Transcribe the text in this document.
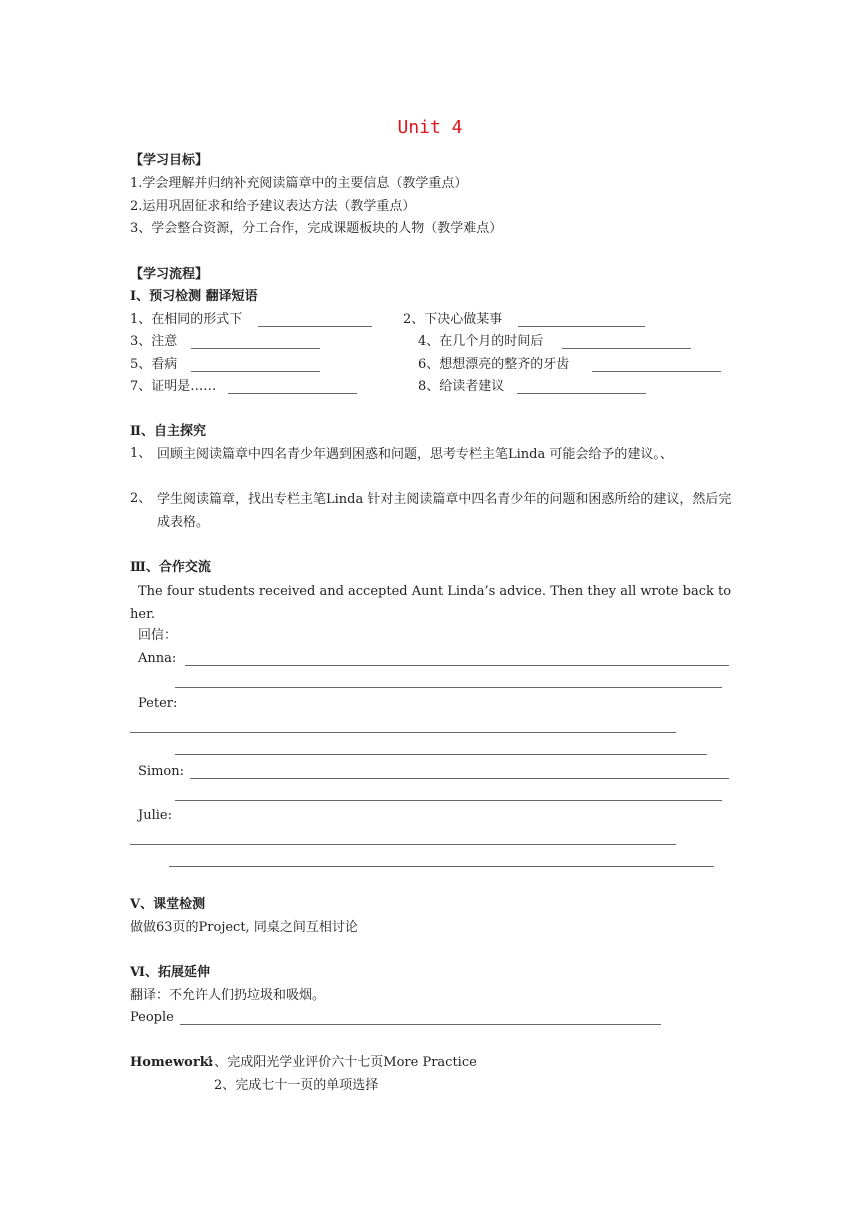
Unit 4
【学习目标】
1.学会理解并归纳补充阅读篇章中的主要信息（教学重点）
2.运用巩固征求和给予建议表达方法（教学重点）
3、学会整合资源，分工合作，完成课题板块的人物（教学难点）
【学习流程】
Ⅰ、预习检测 翻译短语
1、在相同的形式下	2、下决心做某事
3、注意	4、在几个月的时间后
5、看病	6、想想漂亮的整齐的牙齿
7、证明是……	8、给读者建议
Ⅱ、自主探究
1、 回顾主阅读篇章中四名青少年遇到困惑和问题，思考专栏主笔Linda 可能会给予的建议。、
2、 学生阅读篇章，找出专栏主笔Linda 针对主阅读篇章中四名青少年的问题和困惑所给的建议，然后完成表格。
Ⅲ、合作交流
The four students received and accepted Aunt Linda’s advice. Then they all wrote back to her.
回信：
Anna:
Peter:
Simon:
Julie:
Ⅴ、课堂检测
做做63页的Project, 同桌之间互相讨论
Ⅵ、拓展延伸
翻译：不允许人们扔垃圾和吸烟。
People
Homework:
1、完成阳光学业评价六十七页More Practice
2、完成七十一页的单项选择
